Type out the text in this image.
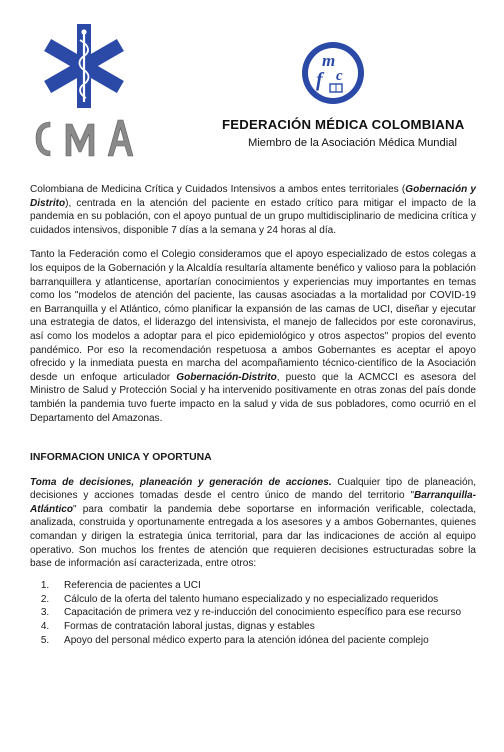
m
c
f
FEDERACIÓN MÉDICA COLOMBIANA
Miembro de la Asociación Médica Mundial

Colombiana de Medicina Crítica y Cuidados Intensivos a ambos entes territoriales (Gobernación y Distrito), centrada en la atención del paciente en estado crítico para mitigar el impacto de la pandemia en su población, con el apoyo puntual de un grupo multidisciplinario de medicina crítica y cuidados intensivos, disponible 7 días a la semana y 24 horas al día.

Tanto la Federación como el Colegio consideramos que el apoyo especializado de estos colegas a los equipos de la Gobernación y la Alcaldía resultaría altamente benéfico y valioso para la población barranquillera y atlanticense, aportarían conocimientos y experiencias muy importantes en temas como los "modelos de atención del paciente, las causas asociadas a la mortalidad por COVID-19 en Barranquilla y el Atlántico, cómo planificar la expansión de las camas de UCI, diseñar y ejecutar una estrategia de datos, el liderazgo del intensivista, el manejo de fallecidos por este coronavirus, así como los modelos a adoptar para el pico epidemiológico y otros aspectos" propios del evento pandémico. Por eso la recomendación respetuosa a ambos Gobernantes es aceptar el apoyo ofrecido y la inmediata puesta en marcha del acompañamiento técnico-científico de la Asociación desde un enfoque articulador Gobernación-Distrito, puesto que la ACMCCI es asesora del Ministro de Salud y Protección Social y ha intervenido positivamente en otras zonas del país donde también la pandemia tuvo fuerte impacto en la salud y vida de sus pobladores, como ocurrió en el Departamento del Amazonas.

INFORMACION UNICA Y OPORTUNA

Toma de decisiones, planeación y generación de acciones. Cualquier tipo de planeación, decisiones y acciones tomadas desde el centro único de mando del territorio "Barranquilla-Atlántico" para combatir la pandemia debe soportarse en información verificable, colectada, analizada, construida y oportunamente entregada a los asesores y a ambos Gobernantes, quienes comandan y dirigen la estrategia única territorial, para dar las indicaciones de acción al equipo operativo. Son muchos los frentes de atención que requieren decisiones estructuradas sobre la base de información así caracterizada, entre otros:

1. Referencia de pacientes a UCI
2. Cálculo de la oferta del talento humano especializado y no especializado requeridos
3. Capacitación de primera vez y re-inducción del conocimiento específico para ese recurso
4. Formas de contratación laboral justas, dignas y estables
5. Apoyo del personal médico experto para la atención idónea del paciente complejo
